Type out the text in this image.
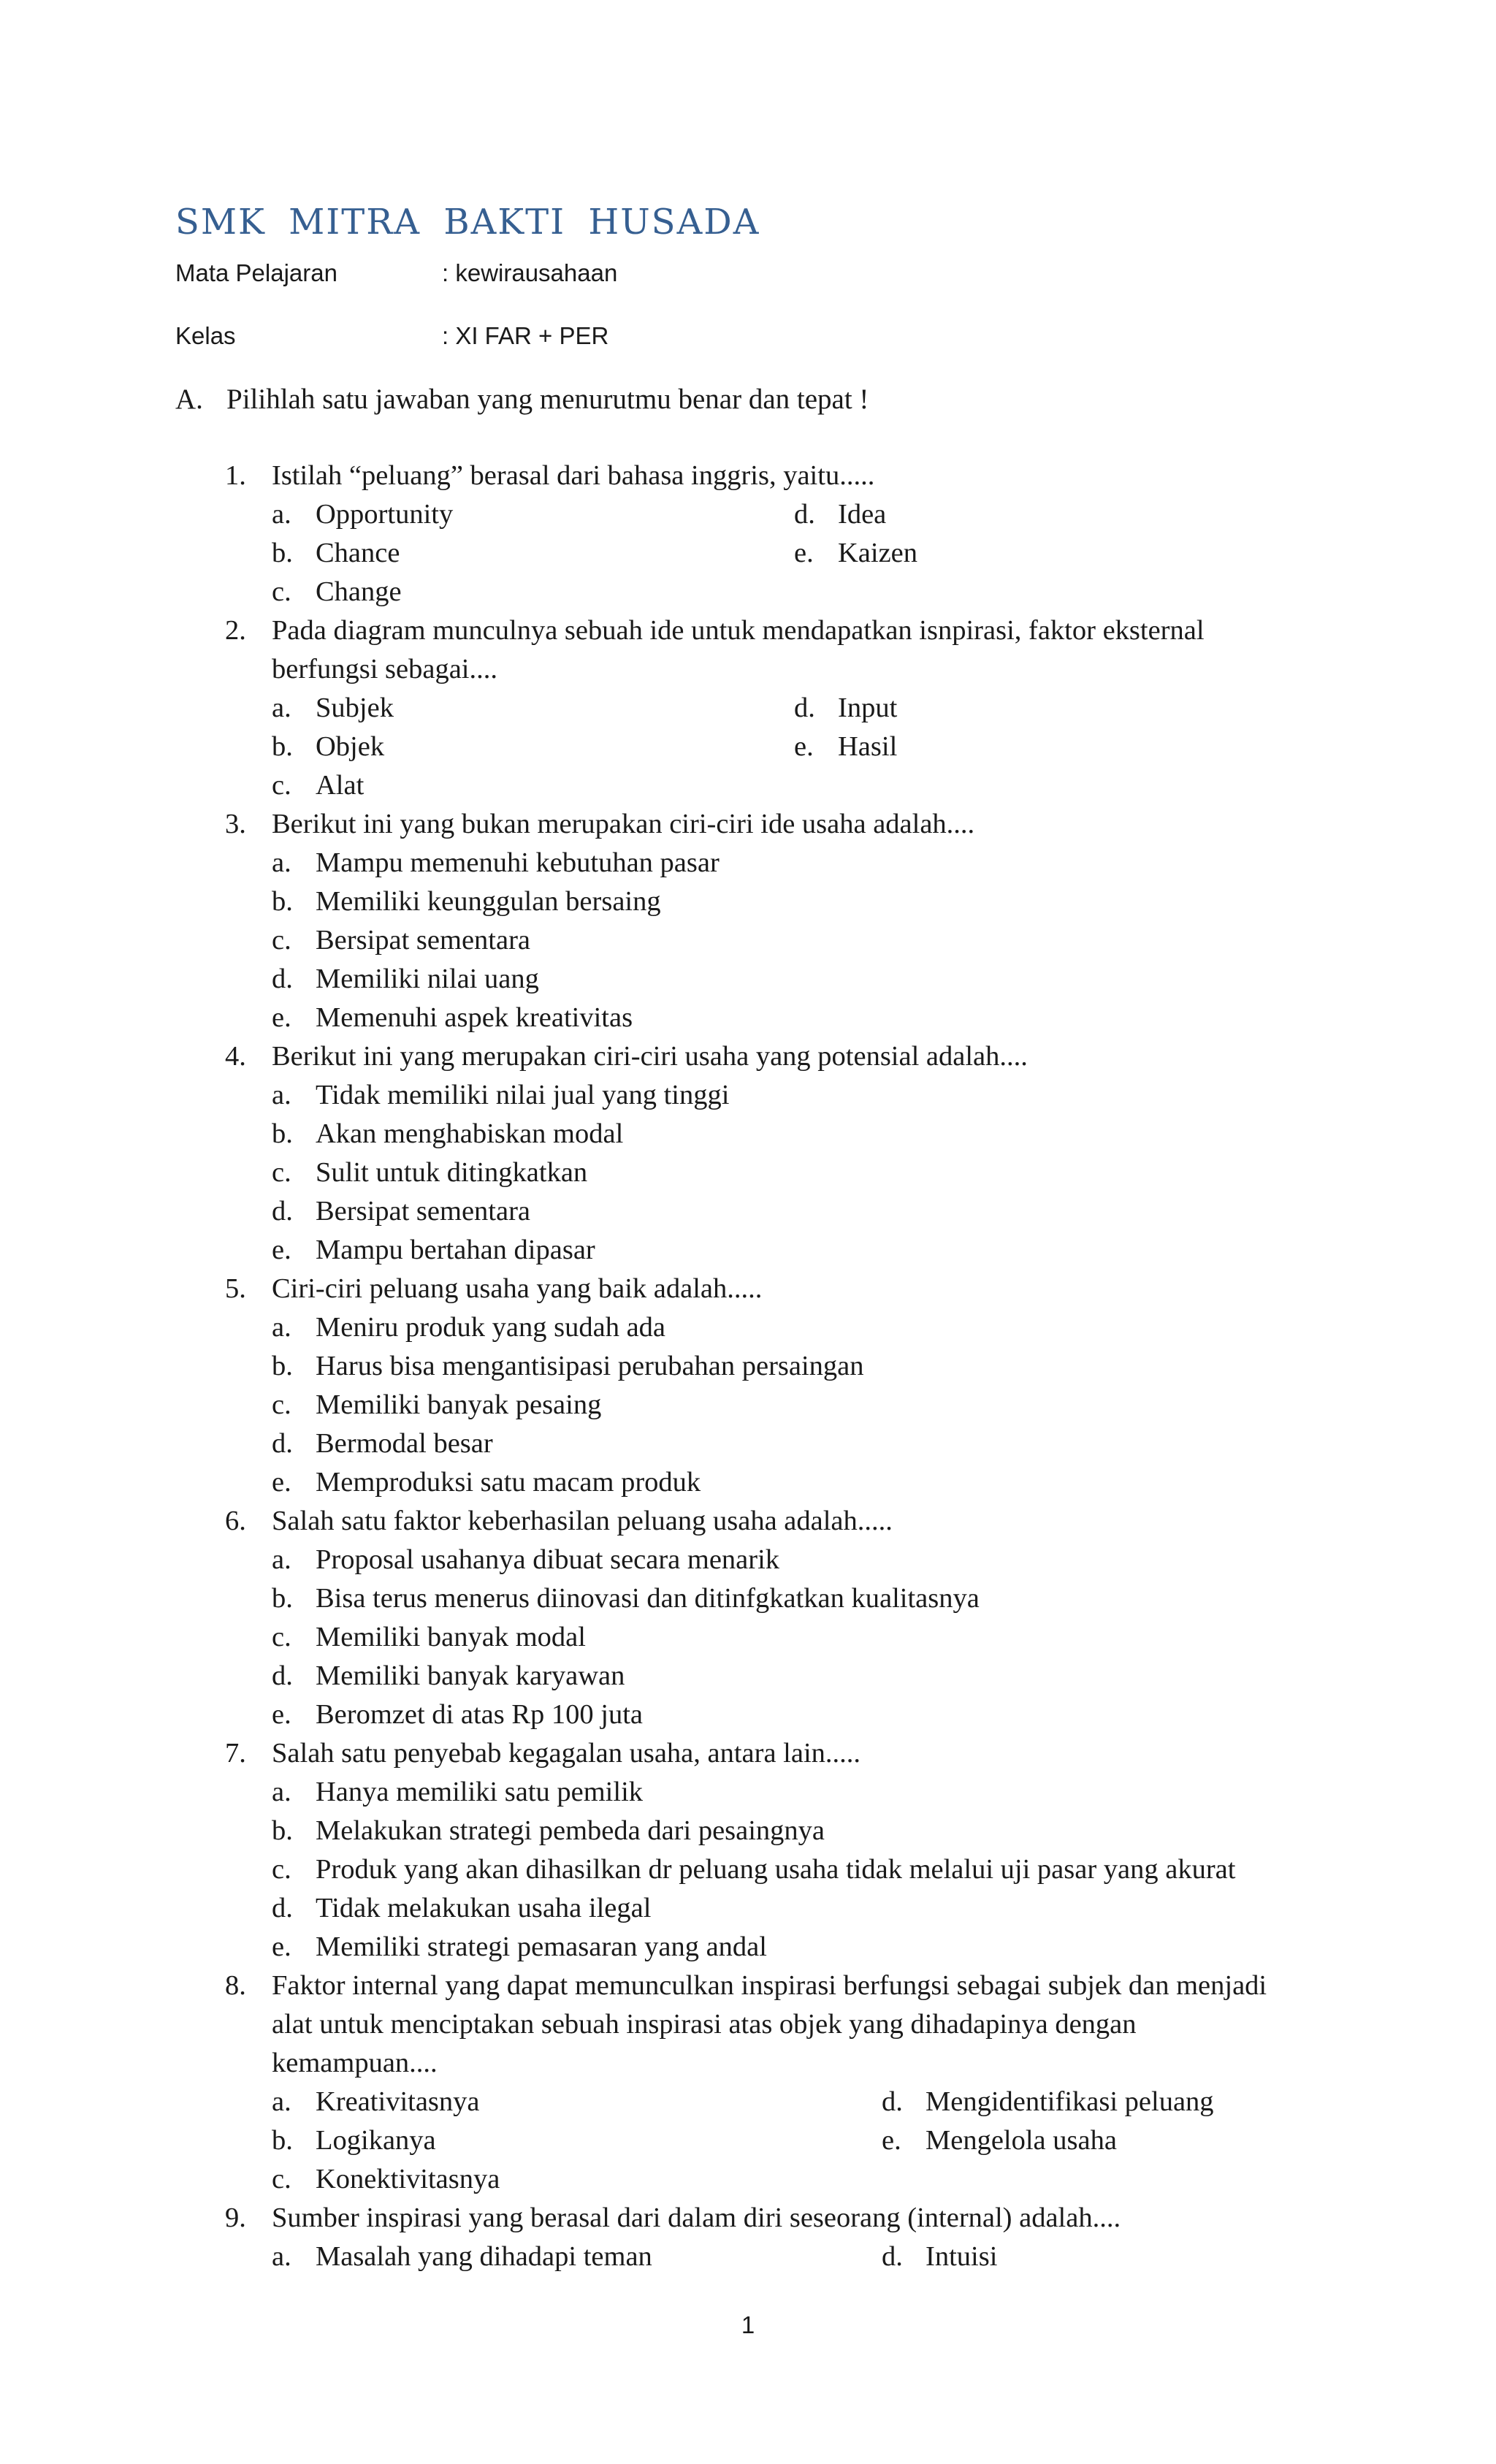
SMK MITRA BAKTI HUSADA
Mata Pelajaran	: kewirausahaan
Kelas	: XI FAR + PER
A. Pilihlah satu jawaban yang menurutmu benar dan tepat !
1. Istilah “peluang” berasal dari bahasa inggris, yaitu.....
a. Opportunity	d. Idea
b. Chance	e. Kaizen
c. Change
2. Pada diagram munculnya sebuah ide untuk mendapatkan isnpirasi, faktor eksternal
berfungsi sebagai....
a. Subjek	d. Input
b. Objek	e. Hasil
c. Alat
3. Berikut ini yang bukan merupakan ciri-ciri ide usaha adalah....
a. Mampu memenuhi kebutuhan pasar
b. Memiliki keunggulan bersaing
c. Bersipat sementara
d. Memiliki nilai uang
e. Memenuhi aspek kreativitas
4. Berikut ini yang merupakan ciri-ciri usaha yang potensial adalah....
a. Tidak memiliki nilai jual yang tinggi
b. Akan menghabiskan modal
c. Sulit untuk ditingkatkan
d. Bersipat sementara
e. Mampu bertahan dipasar
5. Ciri-ciri peluang usaha yang baik adalah.....
a. Meniru produk yang sudah ada
b. Harus bisa mengantisipasi perubahan persaingan
c. Memiliki banyak pesaing
d. Bermodal besar
e. Memproduksi satu macam produk
6. Salah satu faktor keberhasilan peluang usaha adalah.....
a. Proposal usahanya dibuat secara menarik
b. Bisa terus menerus diinovasi dan ditinfgkatkan kualitasnya
c. Memiliki banyak modal
d. Memiliki banyak karyawan
e. Beromzet di atas Rp 100 juta
7. Salah satu penyebab kegagalan usaha, antara lain.....
a. Hanya memiliki satu pemilik
b. Melakukan strategi pembeda dari pesaingnya
c. Produk yang akan dihasilkan dr peluang usaha tidak melalui uji pasar yang akurat
d. Tidak melakukan usaha ilegal
e. Memiliki strategi pemasaran yang andal
8. Faktor internal yang dapat memunculkan inspirasi berfungsi sebagai subjek dan menjadi
alat untuk menciptakan sebuah inspirasi atas objek yang dihadapinya dengan
kemampuan....
a. Kreativitasnya	d. Mengidentifikasi peluang
b. Logikanya	e. Mengelola usaha
c. Konektivitasnya
9. Sumber inspirasi yang berasal dari dalam diri seseorang (internal) adalah....
a. Masalah yang dihadapi teman	d. Intuisi
1
